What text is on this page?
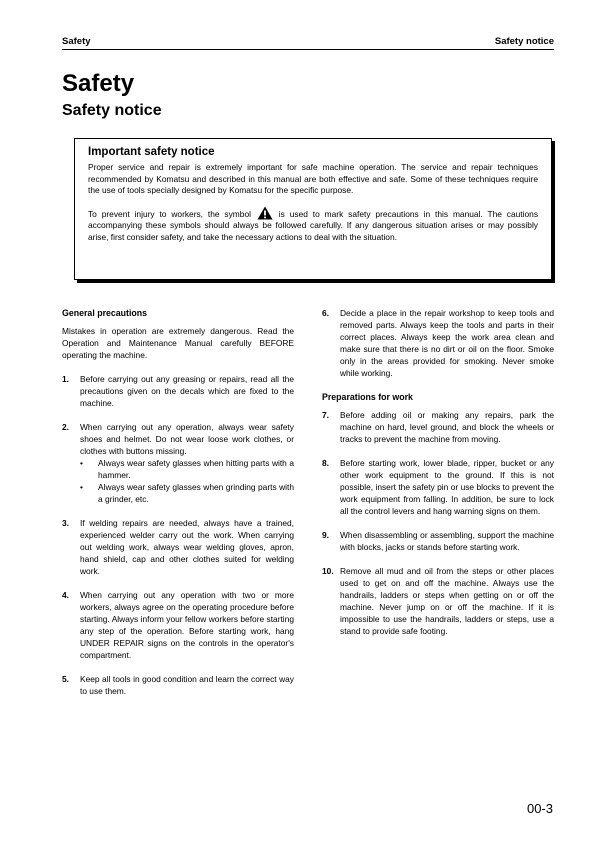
Safety	Safety notice
Safety
Safety notice
Important safety notice

Proper service and repair is extremely important for safe machine operation. The service and repair techniques recommended by Komatsu and described in this manual are both effective and safe. Some of these techniques require the use of tools specially designed by Komatsu for the specific purpose.

To prevent injury to workers, the symbol	is used to mark safety precautions in this manual. The cautions accompanying these symbols should always be followed carefully. If any dangerous situation arises or may possibly arise, first consider safety, and take the necessary actions to deal with the situation.

General precautions

Mistakes in operation are extremely dangerous. Read the Operation and Maintenance Manual carefully BEFORE operating the machine.

1. Before carrying out any greasing or repairs, read all the precautions given on the decals which are fixed to the machine.
2. When carrying out any operation, always wear safety shoes and helmet. Do not wear loose work clothes, or clothes with buttons missing.
• Always wear safety glasses when hitting parts with a hammer.
• Always wear safety glasses when grinding parts with a grinder, etc.
3. If welding repairs are needed, always have a trained, experienced welder carry out the work. When carrying out welding work, always wear welding gloves, apron, hand shield, cap and other clothes suited for welding work.
4. When carrying out any operation with two or more workers, always agree on the operating procedure before starting. Always inform your fellow workers before starting any step of the operation. Before starting work, hang UNDER REPAIR signs on the controls in the operator's compartment.
5. Keep all tools in good condition and learn the correct way to use them.
6. Decide a place in the repair workshop to keep tools and removed parts. Always keep the tools and parts in their correct places. Always keep the work area clean and make sure that there is no dirt or oil on the floor. Smoke only in the areas provided for smoking. Never smoke while working.
Preparations for work
7. Before adding oil or making any repairs, park the machine on hard, level ground, and block the wheels or tracks to prevent the machine from moving.
8. Before starting work, lower blade, ripper, bucket or any other work equipment to the ground. If this is not possible, insert the safety pin or use blocks to prevent the work equipment from falling. In addition, be sure to lock all the control levers and hang warning signs on them.
9. When disassembling or assembling, support the machine with blocks, jacks or stands before starting work.
10. Remove all mud and oil from the steps or other places used to get on and off the machine. Always use the handrails, ladders or steps when getting on or off the machine. Never jump on or off the machine. If it is impossible to use the handrails, ladders or steps, use a stand to provide safe footing.
00-3
